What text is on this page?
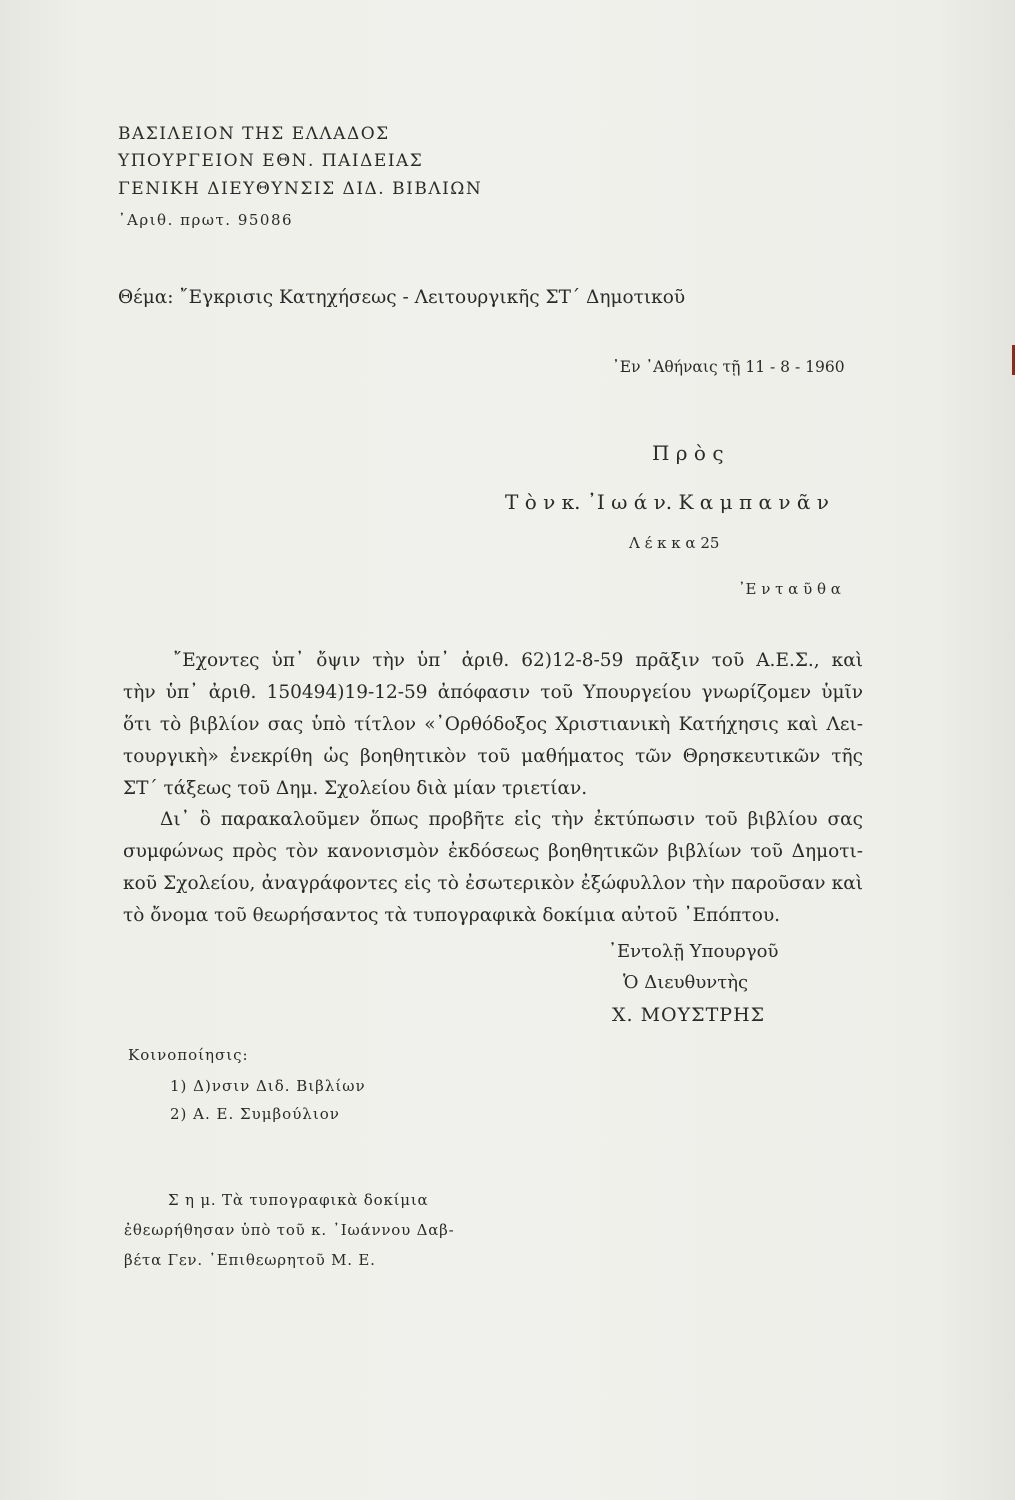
ΒΑΣΙΛΕΙΟΝ ΤΗΣ ΕΛΛΑΔΟΣ
ΥΠΟΥΡΓΕΙΟΝ ΕΘΝ. ΠΑΙΔΕΙΑΣ
ΓΕΝΙΚΗ ΔΙΕΥΘΥΝΣΙΣ ΔΙΔ. ΒΙΒΛΙΩΝ
᾽Αριθ. πρωτ. 95086
Θέμα: ῎Εγκρισις Κατηχήσεως - Λειτουργικῆς ΣΤ΄ Δημοτικοῦ
᾽Εν ᾽Αθήναις τῇ 11 - 8 - 1960
Π ρ ὸ ς
Τ ὸ ν κ. ᾽Ι ω ά ν. Κ α μ π α ν ᾶ ν
Λ έ κ κ α 25
᾽Ε ν τ α ῦ θ α
῎Εχοντες ὑπ᾽ ὄψιν τὴν ὑπ᾽ ἀριθ. 62)12-8-59 πρᾶξιν τοῦ Α.Ε.Σ., καὶ
τὴν ὑπ᾽ ἀριθ. 150494)19-12-59 ἀπόφασιν τοῦ Υπουργείου γνωρίζομεν ὑμῖν
ὅτι τὸ βιβλίον σας ὑπὸ τίτλον «᾽Ορθόδοξος Χριστιανικὴ Κατήχησις καὶ Λει-
τουργικὴ» ἐνεκρίθη ὡς βοηθητικὸν τοῦ μαθήματος τῶν Θρησκευτικῶν τῆς
ΣΤ΄ τάξεως τοῦ Δημ. Σχολείου διὰ μίαν τριετίαν.
Δι᾽ ὃ παρακαλοῦμεν ὅπως προβῆτε εἰς τὴν ἐκτύπωσιν τοῦ βιβλίου σας
συμφώνως πρὸς τὸν κανονισμὸν ἐκδόσεως βοηθητικῶν βιβλίων τοῦ Δημοτι-
κοῦ Σχολείου, ἀναγράφοντες εἰς τὸ ἐσωτερικὸν ἐξώφυλλον τὴν παροῦσαν καὶ
τὸ ὄνομα τοῦ θεωρήσαντος τὰ τυπογραφικὰ δοκίμια αὐτοῦ ᾽Επόπτου.
᾽Εντολῇ Υπουργοῦ
Ὁ Διευθυντὴς
Χ. ΜΟΥΣΤΡΗΣ
Κοινοποίησις:
1) Δ)νσιν Διδ. Βιβλίων
2) Α. Ε. Συμβούλιον
Σ η μ. Τὰ τυπογραφικὰ δοκίμια
ἐθεωρήθησαν ὑπὸ τοῦ κ. ᾽Ιωάννου Δαβ-
βέτα Γεν. ᾽Επιθεωρητοῦ Μ. Ε.
